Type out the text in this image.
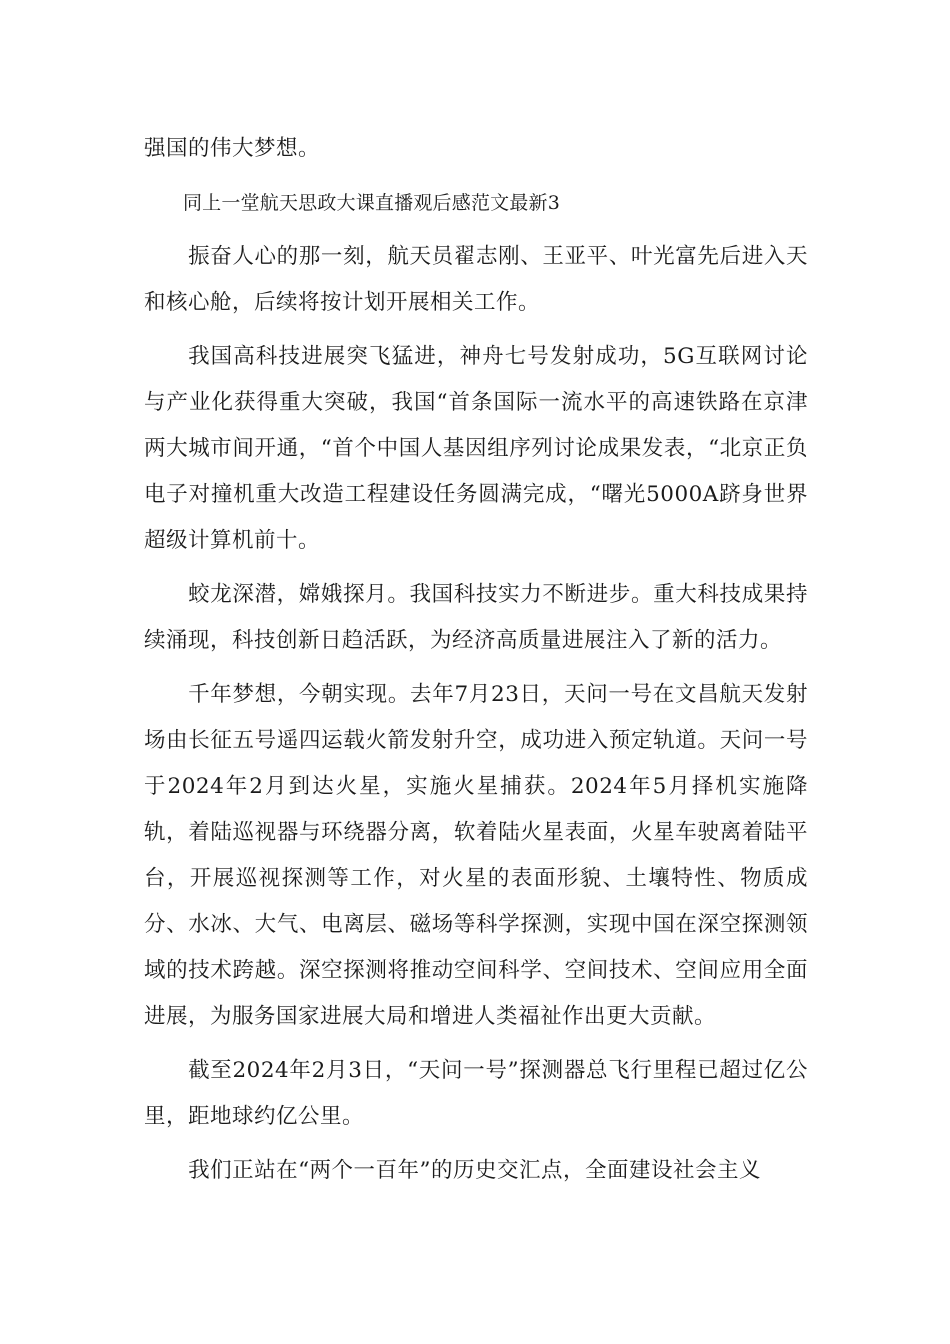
强国的伟大梦想。

同上一堂航天思政大课直播观后感范文最新3

振奋人心的那一刻，航天员翟志刚、王亚平、叶光富先后进入天和核心舱，后续将按计划开展相关工作。

我国高科技进展突飞猛进，神舟七号发射成功，5G互联网讨论与产业化获得重大突破，我国“首条国际一流水平的高速铁路在京津两大城市间开通，“首个中国人基因组序列讨论成果发表，“北京正负电子对撞机重大改造工程建设任务圆满完成，“曙光5000A跻身世界超级计算机前十。

蛟龙深潜，嫦娥探月。我国科技实力不断进步。重大科技成果持续涌现，科技创新日趋活跃，为经济高质量进展注入了新的活力。

千年梦想，今朝实现。去年7月23日，天问一号在文昌航天发射场由长征五号遥四运载火箭发射升空，成功进入预定轨道。天问一号于2024年2月到达火星，实施火星捕获。2024年5月择机实施降轨，着陆巡视器与环绕器分离，软着陆火星表面，火星车驶离着陆平台，开展巡视探测等工作，对火星的表面形貌、土壤特性、物质成分、水冰、大气、电离层、磁场等科学探测，实现中国在深空探测领域的技术跨越。深空探测将推动空间科学、空间技术、空间应用全面进展，为服务国家进展大局和增进人类福祉作出更大贡献。

截至2024年2月3日，“天问一号”探测器总飞行里程已超过亿公里，距地球约亿公里。

我们正站在“两个一百年”的历史交汇点，全面建设社会主义
